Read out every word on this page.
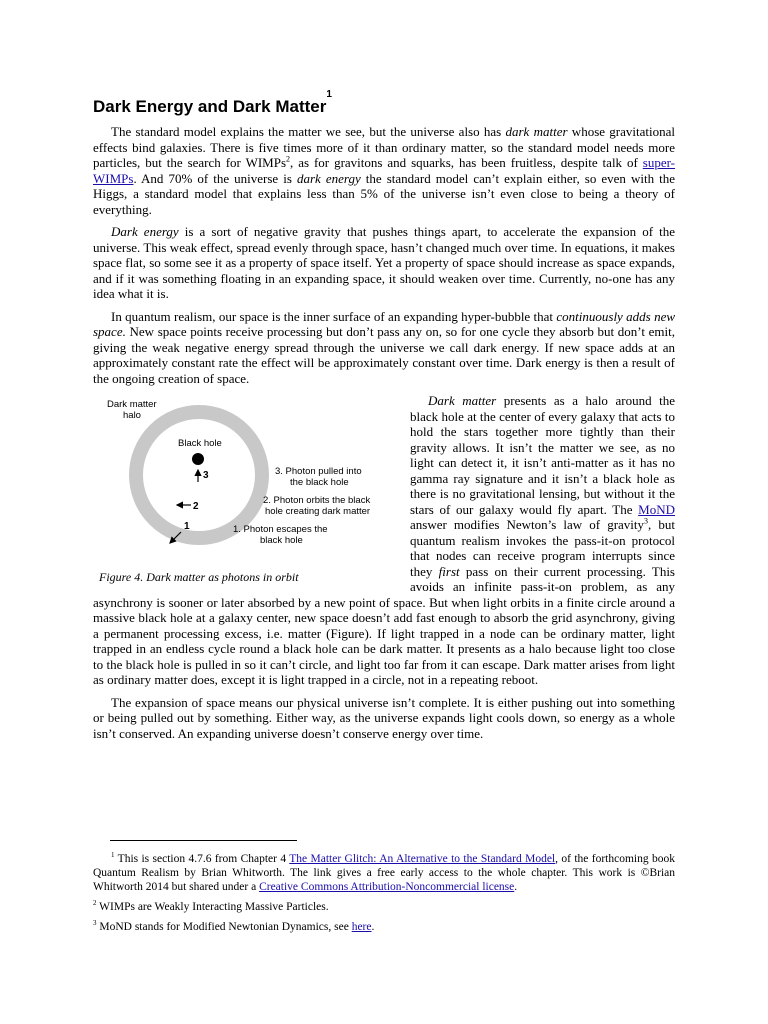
Dark Energy and Dark Matter$^1$

The standard model explains the matter we see, but the universe also has dark matter whose gravitational effects bind galaxies. There is five times more of it than ordinary matter, so the standard model needs more particles, but the search for WIMPs$^2$, as for gravitons and squarks, has been fruitless, despite talk of super-WIMPs. And 70% of the universe is dark energy the standard model can’t explain either, so even with the Higgs, a standard model that explains less than 5% of the universe isn’t even close to being a theory of everything.

Dark energy is a sort of negative gravity that pushes things apart, to accelerate the expansion of the universe. This weak effect, spread evenly through space, hasn’t changed much over time. In equations, it makes space flat, so some see it as a property of space itself. Yet a property of space should increase as space expands, and if it was something floating in an expanding space, it should weaken over time. Currently, no-one has any idea what it is.

In quantum realism, our space is the inner surface of an expanding hyper-bubble that continuously adds new space. New space points receive processing but don’t pass any on, so for one cycle they absorb but don’t emit, giving the weak negative energy spread through the universe we call dark energy. If new space adds at an approximately constant rate the effect will be approximately constant over time. Dark energy is then a result of the ongoing creation of space.

Dark matter
halo
Black hole
3
2
1
3. Photon pulled into
the black hole
2. Photon orbits the black
hole creating dark matter
1. Photon escapes the
black hole
Figure 4. Dark matter as photons in orbit

Dark matter presents as a halo around the black hole at the center of every galaxy that acts to hold the stars together more tightly than their gravity allows. It isn’t the matter we see, as no light can detect it, it isn’t anti-matter as it has no gamma ray signature and it isn’t a black hole as there is no gravitational lensing, but without it the stars of our galaxy would fly apart. The MoND answer modifies Newton’s law of gravity$^3$, but quantum realism invokes the pass-it-on protocol that nodes can receive program interrupts since they first pass on their current processing. This avoids an infinite pass-it-on problem, as any asynchrony is sooner or later absorbed by a new point of space. But when light orbits in a finite circle around a massive black hole at a galaxy center, new space doesn’t add fast enough to absorb the grid asynchrony, giving a permanent processing excess, i.e. matter (Figure). If light trapped in a node can be ordinary matter, light trapped in an endless cycle round a black hole can be dark matter. It presents as a halo because light too close to the black hole is pulled in so it can’t circle, and light too far from it can escape. Dark matter arises from light as ordinary matter does, except it is light trapped in a circle, not in a repeating reboot.

The expansion of space means our physical universe isn’t complete. It is either pushing out into something or being pulled out by something. Either way, as the universe expands light cools down, so energy as a whole isn’t conserved. An expanding universe doesn’t conserve energy over time.

$^1$ This is section 4.7.6 from Chapter 4 The Matter Glitch: An Alternative to the Standard Model, of the forthcoming book Quantum Realism by Brian Whitworth. The link gives a free early access to the whole chapter. This work is ©Brian Whitworth 2014 but shared under a Creative Commons Attribution-Noncommercial license.

$^2$ WIMPs are Weakly Interacting Massive Particles.

$^3$ MoND stands for Modified Newtonian Dynamics, see here.
